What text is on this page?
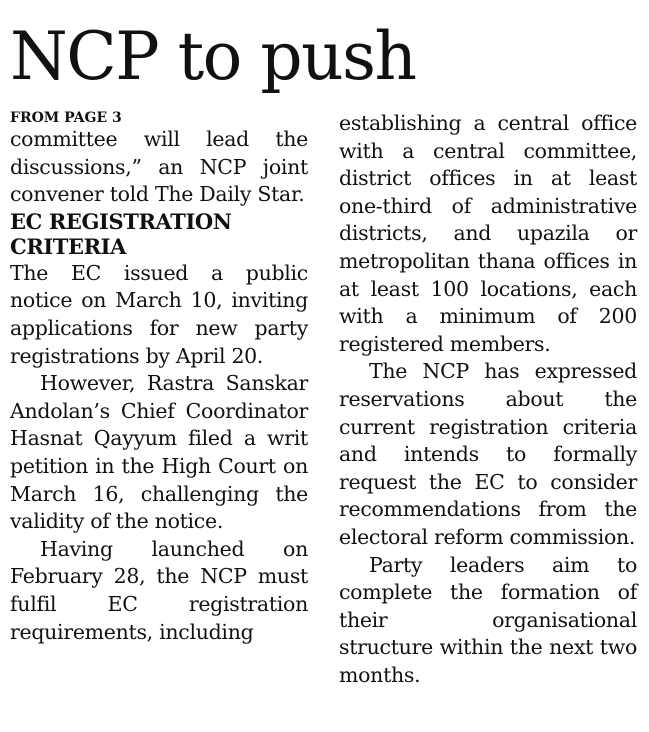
NCP to push
FROM PAGE 3

committee will lead the discussions,” an NCP joint convener told The Daily Star.

EC REGISTRATION CRITERIA

The EC issued a public notice on March 10, inviting applications for new party registrations by April 20.

However, Rastra Sanskar Andolan’s Chief Coordinator Hasnat Qayyum filed a writ petition in the High Court on March 16, challenging the validity of the notice.

Having launched on February 28, the NCP must fulfil EC registration requirements, including

establishing a central office with a central committee, district offices in at least one-third of administrative districts, and upazila or metropolitan thana offices in at least 100 locations, each with a minimum of 200 registered members.

The NCP has expressed reservations about the current registration criteria and intends to formally request the EC to consider recommendations from the electoral reform commission.

Party leaders aim to complete the formation of their organisational structure within the next two months.
